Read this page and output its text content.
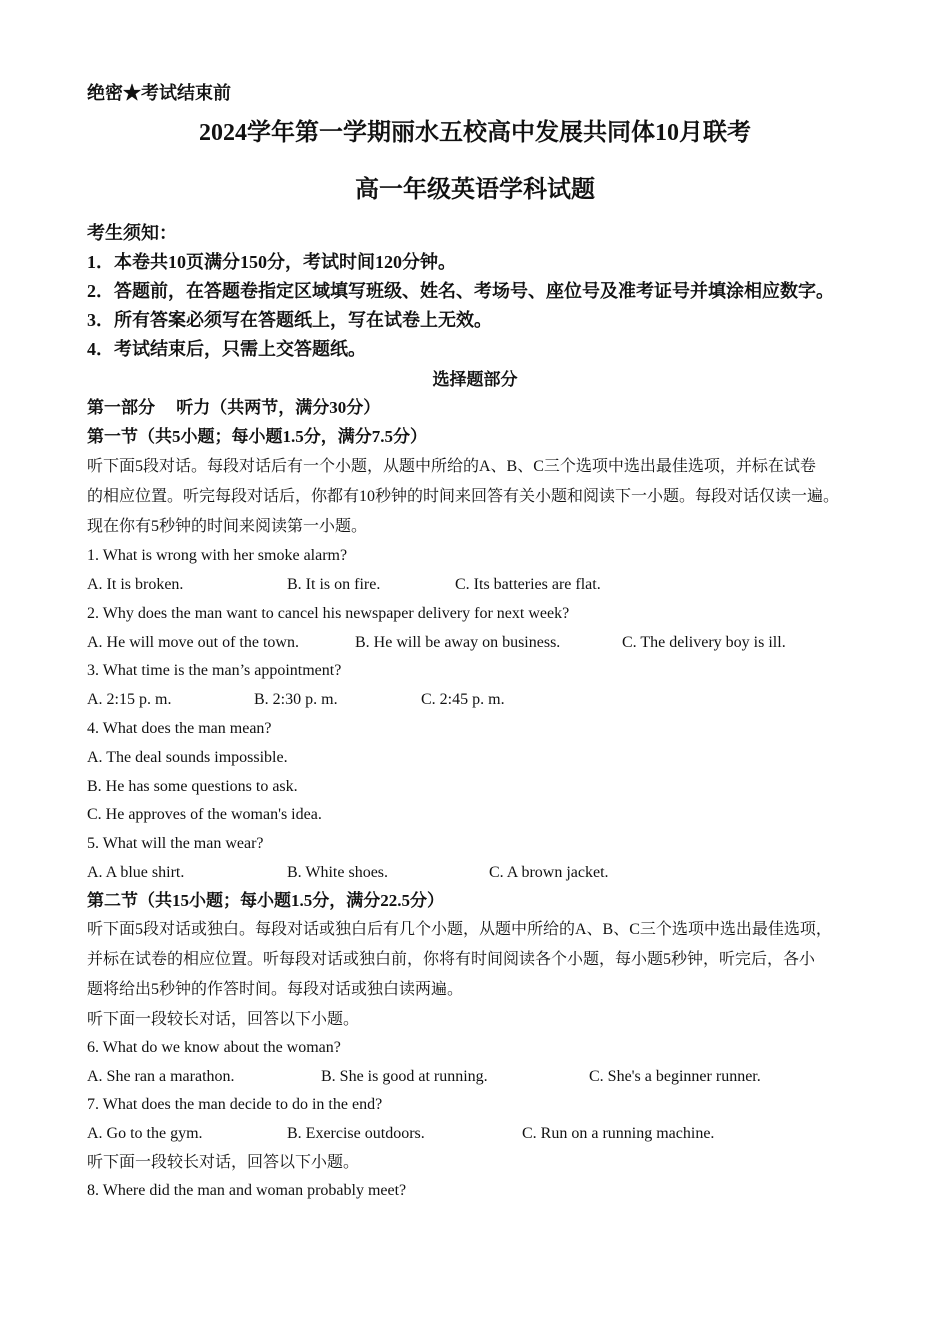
绝密★考试结束前
2024学年第一学期丽水五校高中发展共同体10月联考
高一年级英语学科试题
考生须知：
1．本卷共10页满分150分，考试时间120分钟。
2．答题前，在答题卷指定区域填写班级、姓名、考场号、座位号及准考证号并填涂相应数字。
3．所有答案必须写在答题纸上，写在试卷上无效。
4．考试结束后，只需上交答题纸。
选择题部分
第一部分　 听力（共两节，满分30分）
第一节（共5小题；每小题1.5分，满分7.5分）
听下面5段对话。每段对话后有一个小题，从题中所给的A、B、C三个选项中选出最佳选项，并标在试卷
的相应位置。听完每段对话后，你都有10秒钟的时间来回答有关小题和阅读下一小题。每段对话仅读一遍。
现在你有5秒钟的时间来阅读第一小题。
1. What is wrong with her smoke alarm?
A. It is broken.	B. It is on fire.	C. Its batteries are flat.
2. Why does the man want to cancel his newspaper delivery for next week?
A. He will move out of the town.	B. He will be away on business.	C. The delivery boy is ill.
3. What time is the man’s appointment?
A. 2:15 p. m.	B. 2:30 p. m.	C. 2:45 p. m.
4. What does the man mean?
A. The deal sounds impossible.
B. He has some questions to ask.
C. He approves of the woman's idea.
5. What will the man wear?
A. A blue shirt.	B. White shoes.	C. A brown jacket.
第二节（共15小题；每小题1.5分，满分22.5分）
听下面5段对话或独白。每段对话或独白后有几个小题，从题中所给的A、B、C三个选项中选出最佳选项，
并标在试卷的相应位置。听每段对话或独白前，你将有时间阅读各个小题，每小题5秒钟，听完后，各小
题将给出5秒钟的作答时间。每段对话或独白读两遍。
听下面一段较长对话，回答以下小题。
6. What do we know about the woman?
A. She ran a marathon.	B. She is good at running.	C. She's a beginner runner.
7. What does the man decide to do in the end?
A. Go to the gym.	B. Exercise outdoors.	C. Run on a running machine.
听下面一段较长对话，回答以下小题。
8. Where did the man and woman probably meet?
